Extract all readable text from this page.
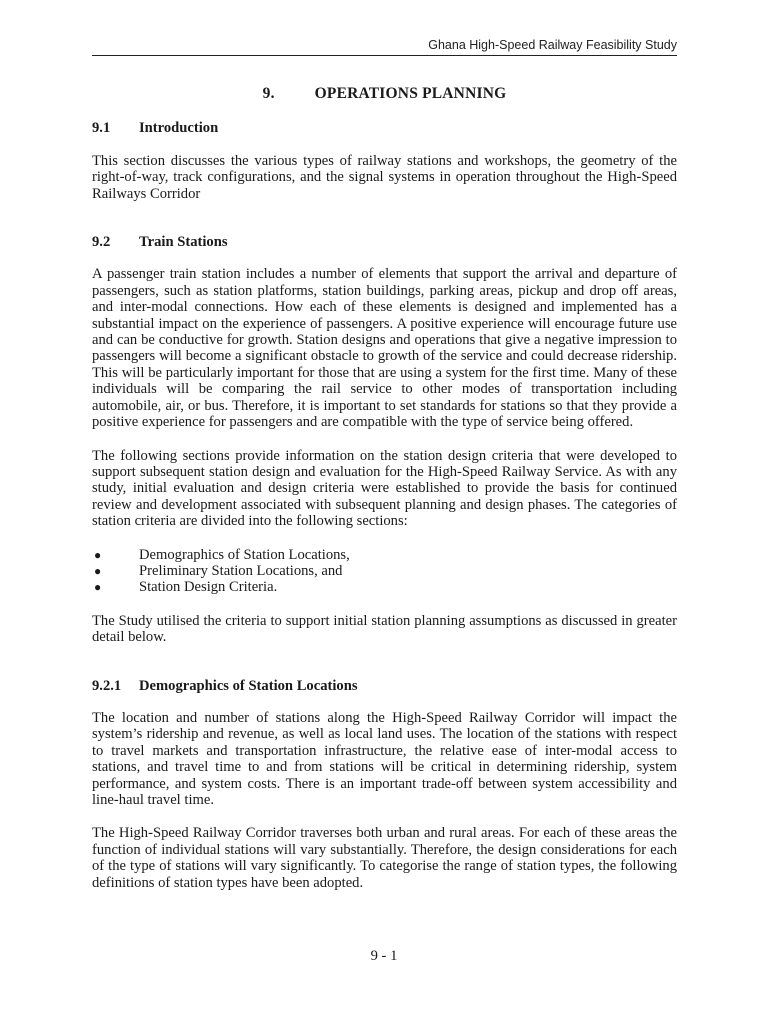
Ghana High-Speed Railway Feasibility Study
9.	OPERATIONS PLANNING
9.1 Introduction

This section discusses the various types of railway stations and workshops, the geometry of the right-of-way, track configurations, and the signal systems in operation throughout the High-Speed Railways Corridor

9.2 Train Stations

A passenger train station includes a number of elements that support the arrival and departure of passengers, such as station platforms, station buildings, parking areas, pickup and drop off areas, and inter-modal connections. How each of these elements is designed and implemented has a substantial impact on the experience of passengers. A positive experience will encourage future use and can be conductive for growth. Station designs and operations that give a negative impression to passengers will become a significant obstacle to growth of the service and could decrease ridership. This will be particularly important for those that are using a system for the first time. Many of these individuals will be comparing the rail service to other modes of transportation including automobile, air, or bus. Therefore, it is important to set standards for stations so that they provide a positive experience for passengers and are compatible with the type of service being offered.

The following sections provide information on the station design criteria that were developed to support subsequent station design and evaluation for the High-Speed Railway Service. As with any study, initial evaluation and design criteria were established to provide the basis for continued review and development associated with subsequent planning and design phases. The categories of station criteria are divided into the following sections:

●	Demographics of Station Locations,
●	Preliminary Station Locations, and
●	Station Design Criteria.

The Study utilised the criteria to support initial station planning assumptions as discussed in greater detail below.

9.2.1 Demographics of Station Locations

The location and number of stations along the High-Speed Railway Corridor will impact the system’s ridership and revenue, as well as local land uses. The location of the stations with respect to travel markets and transportation infrastructure, the relative ease of inter-modal access to stations, and travel time to and from stations will be critical in determining ridership, system performance, and system costs. There is an important trade-off between system accessibility and line-haul travel time.

The High-Speed Railway Corridor traverses both urban and rural areas. For each of these areas the function of individual stations will vary substantially. Therefore, the design considerations for each of the type of stations will vary significantly. To categorise the range of station types, the following definitions of station types have been adopted.

9 - 1
